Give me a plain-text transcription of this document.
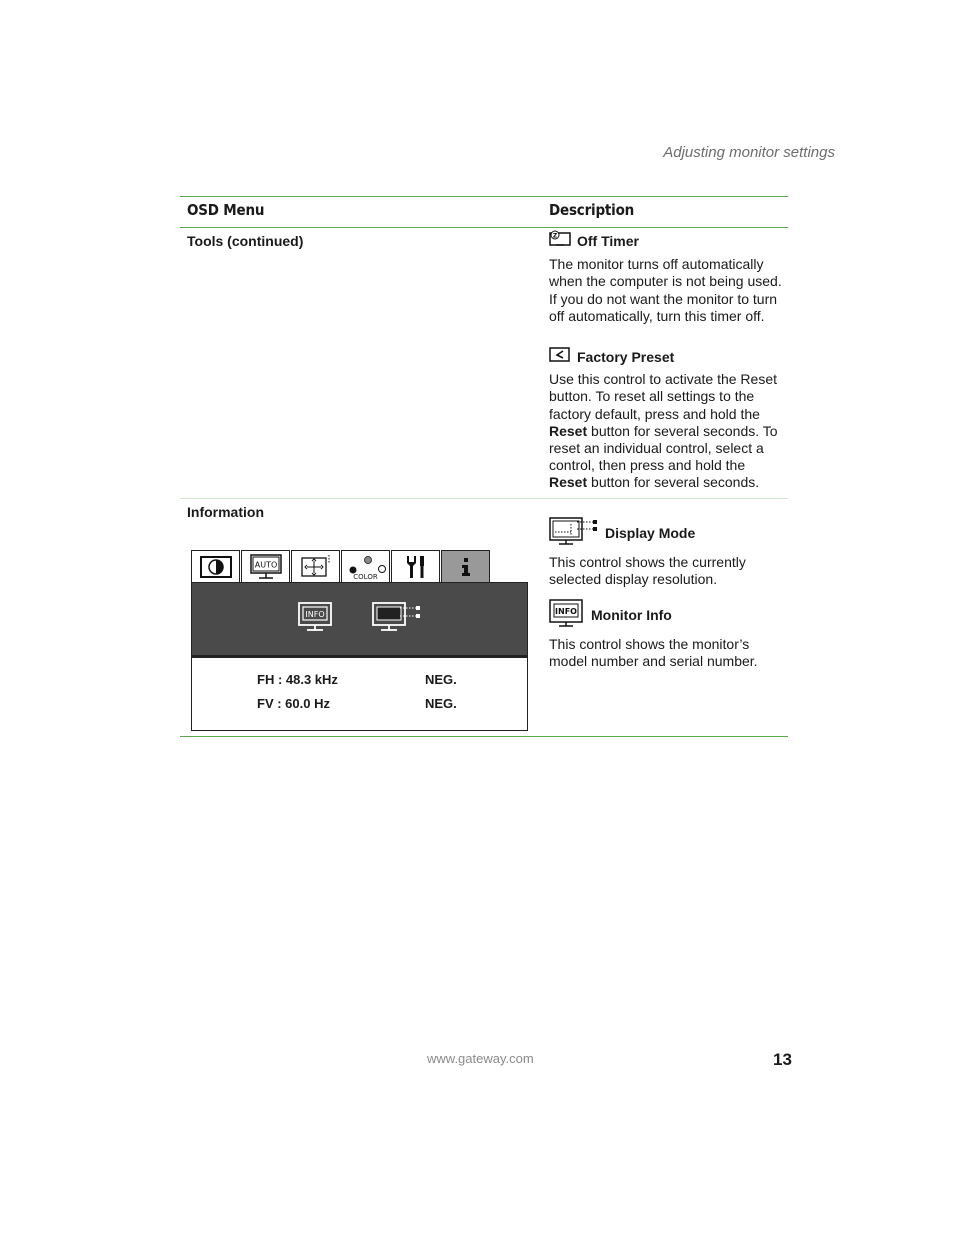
Adjusting monitor settings
OSD Menu	Description
Tools (continued)	Z Off Timer

The monitor turns off automatically when the computer is not being used. If you do not want the monitor to turn off automatically, turn this timer off.

Factory Preset

Use this control to activate the Reset button. To reset all settings to the factory default, press and hold the Reset button for several seconds. To reset an individual control, select a control, then press and hold the Reset button for several seconds.

Information
Display Mode

This control shows the currently selected display resolution.

INFO Monitor Info

This control shows the monitor’s model number and serial number.

AUTO
COLOR
INFO
FH : 48.3 kHz	NEG.
FV : 60.0 Hz	NEG.
www.gateway.com	13
